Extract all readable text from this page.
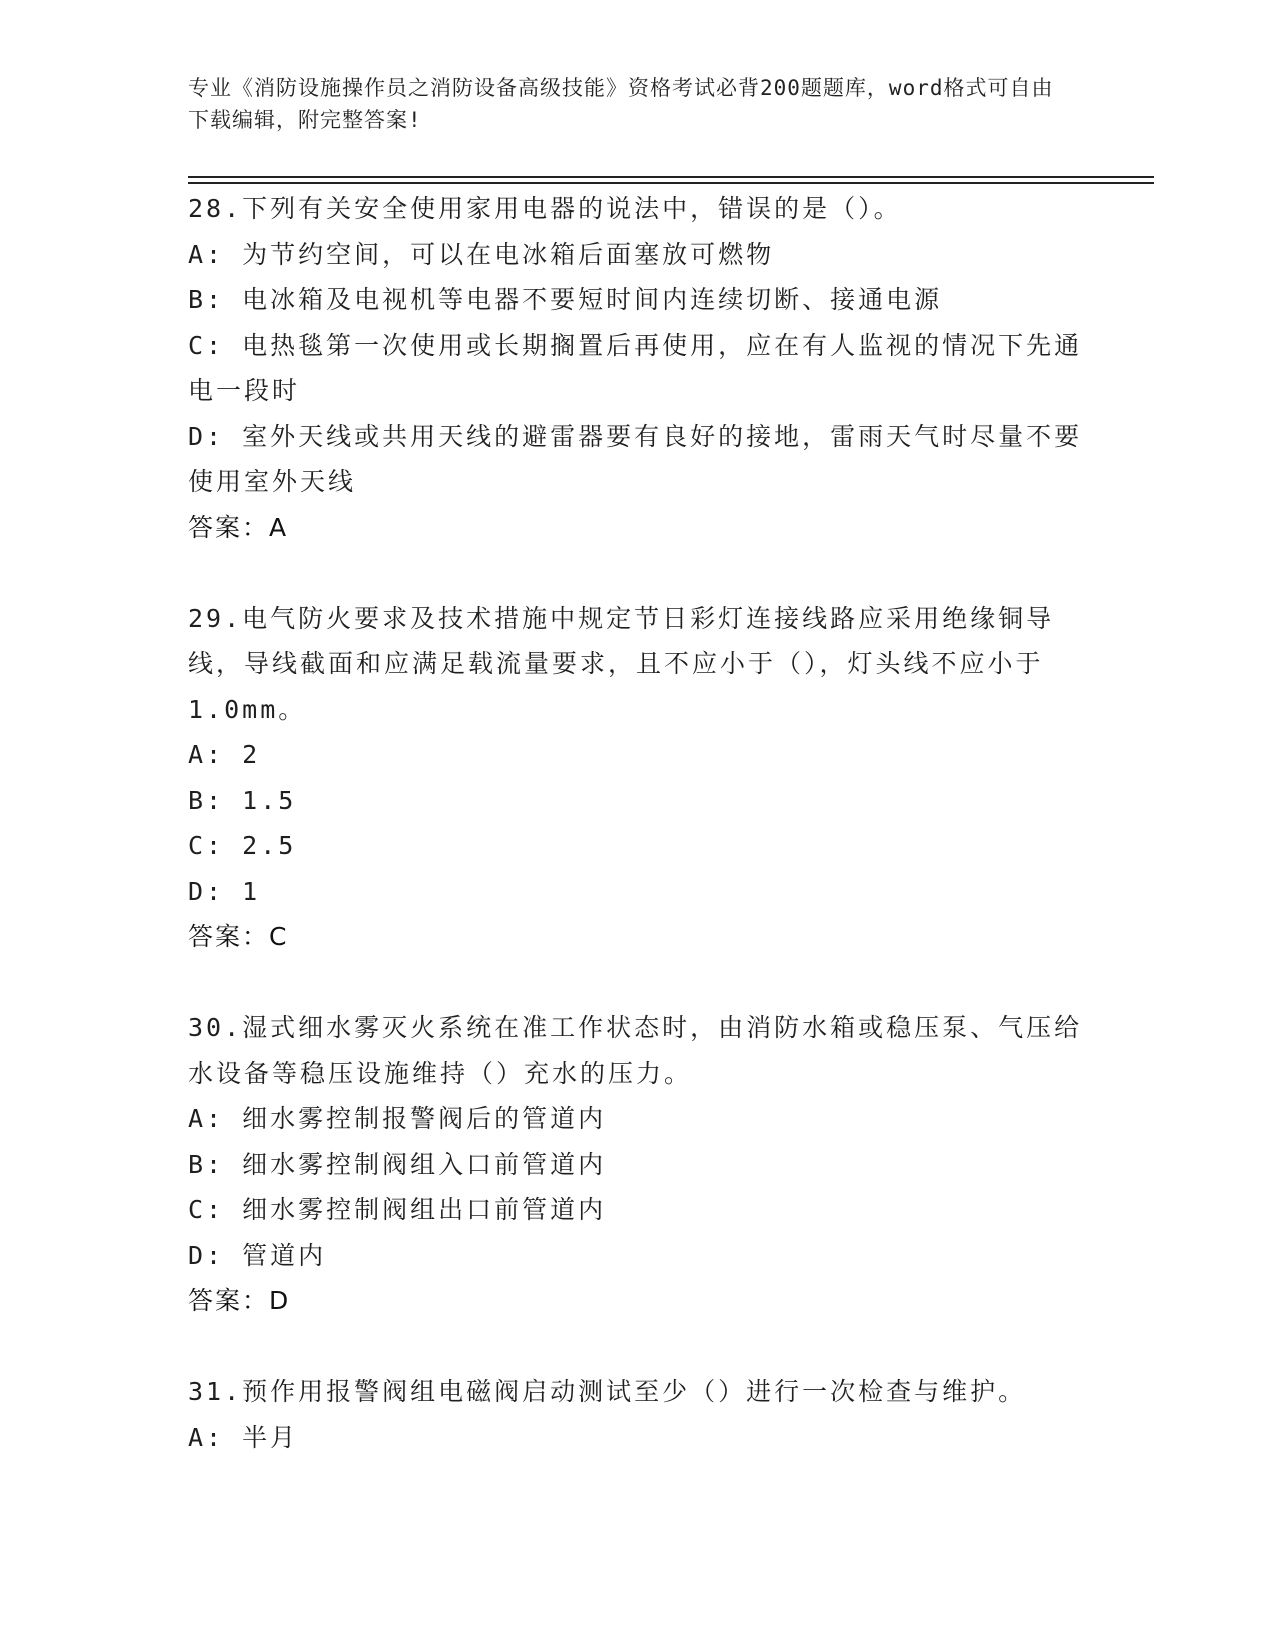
专业《消防设施操作员之消防设备高级技能》资格考试必背200题题库，word格式可自由下载编辑，附完整答案!

28.下列有关安全使用家用电器的说法中，错误的是（）。

A: 为节约空间，可以在电冰箱后面塞放可燃物

B: 电冰箱及电视机等电器不要短时间内连续切断、接通电源

C: 电热毯第一次使用或长期搁置后再使用，应在有人监视的情况下先通电一段时

D: 室外天线或共用天线的避雷器要有良好的接地，雷雨天气时尽量不要使用室外天线

答案：A

29.电气防火要求及技术措施中规定节日彩灯连接线路应采用绝缘铜导线，导线截面和应满足载流量要求，且不应小于（），灯头线不应小于1.0mm。

A: 2

B: 1.5

C: 2.5

D: 1

答案：C

30.湿式细水雾灭火系统在准工作状态时，由消防水箱或稳压泵、气压给水设备等稳压设施维持（）充水的压力。

A: 细水雾控制报警阀后的管道内

B: 细水雾控制阀组入口前管道内

C: 细水雾控制阀组出口前管道内

D: 管道内

答案：D

31.预作用报警阀组电磁阀启动测试至少（）进行一次检查与维护。

A: 半月
